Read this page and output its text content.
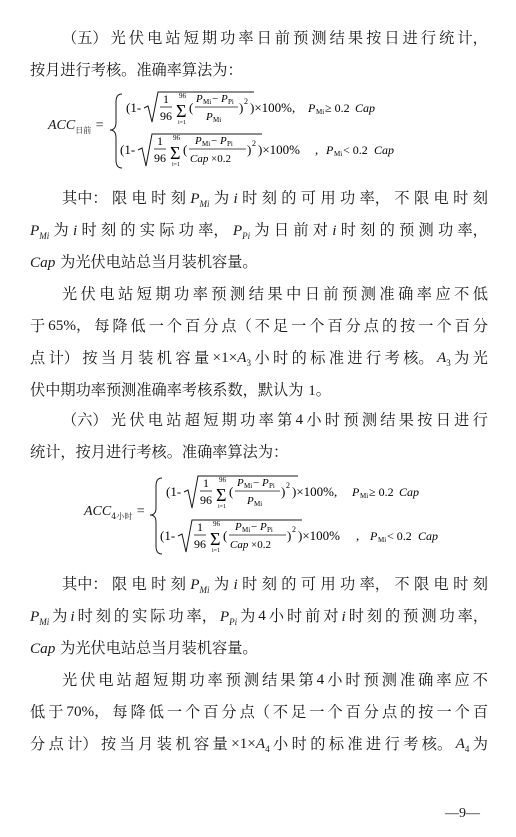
（五） 光 伏 电 站 短 期 功 率 日 前 预 测 结 果 按 日 进 行 统 计，
按月进行考核。准确率算法为：
$ACC_{日前}$ =
(1-
1
96
96
Σ
i=1
(
P Mi − P Pi
P Mi
) 2 )×100%, P Mi ≥ 0.2 Cap
(1-
1
96
96
Σ
i=1
(
P Mi − P Pi
Cap ×0.2
) 2 )×100% , P Mi < 0.2 Cap
其中： 限 电 时 刻 $P_{Mi}$ 为 i 时 刻 的 可 用 功 率， 不 限 电 时 刻
$P_{Mi}$ 为 i 时 刻 的 实 际 功 率， $P_{Pi}$ 为 日 前 对 i 时 刻 的 预 测 功 率，
Cap 为光伏电站总当月装机容量。
光 伏 电 站 短 期 功 率 预 测 结 果 中 日 前 预 测 准 确 率 应 不 低
于 65%， 每 降 低 一 个 百 分 点（ 不 足 一 个 百 分 点 的 按 一 个 百 分
点 计） 按 当 月 装 机 容 量 $\times 1\times A_3$ 小 时 的 标 准 进 行 考 核。 $A_3$ 为 光
伏中期功率预测准确率考核系数，默认为 1。
（六） 光 伏 电 站 超 短 期 功 率 第 4 小 时 预 测 结 果 按 日 进 行
统计，按月进行考核。准确率算法为：
$ACC_{4小时}$ =
(1-
1
96
96
Σ
i=1
(
P Mi − P Pi
P Mi
) 2 )×100%, P Mi ≥ 0.2 Cap
(1-
1
96
96
Σ
i=1
(
P Mi − P Pi
Cap ×0.2
) 2 )×100% , P Mi < 0.2 Cap
其中： 限 电 时 刻 $P_{Mi}$ 为 i 时 刻 的 可 用 功 率， 不 限 电 时 刻
$P_{Mi}$ 为 i 时 刻 的 实 际 功 率， $P_{Pi}$ 为 4 小 时 前 对 i 时 刻 的 预 测 功 率，
Cap 为光伏电站总当月装机容量。
光 伏 电 站 超 短 期 功 率 预 测 结 果 第 4 小 时 预 测 准 确 率 应 不
低 于 70%， 每 降 低 一 个 百 分 点（ 不 足 一 个 百 分 点 的 按 一 个 百
分 点 计） 按 当 月 装 机 容 量 $\times 1\times A_4$ 小 时 的 标 准 进 行 考 核。 $A_4$ 为
—9—
